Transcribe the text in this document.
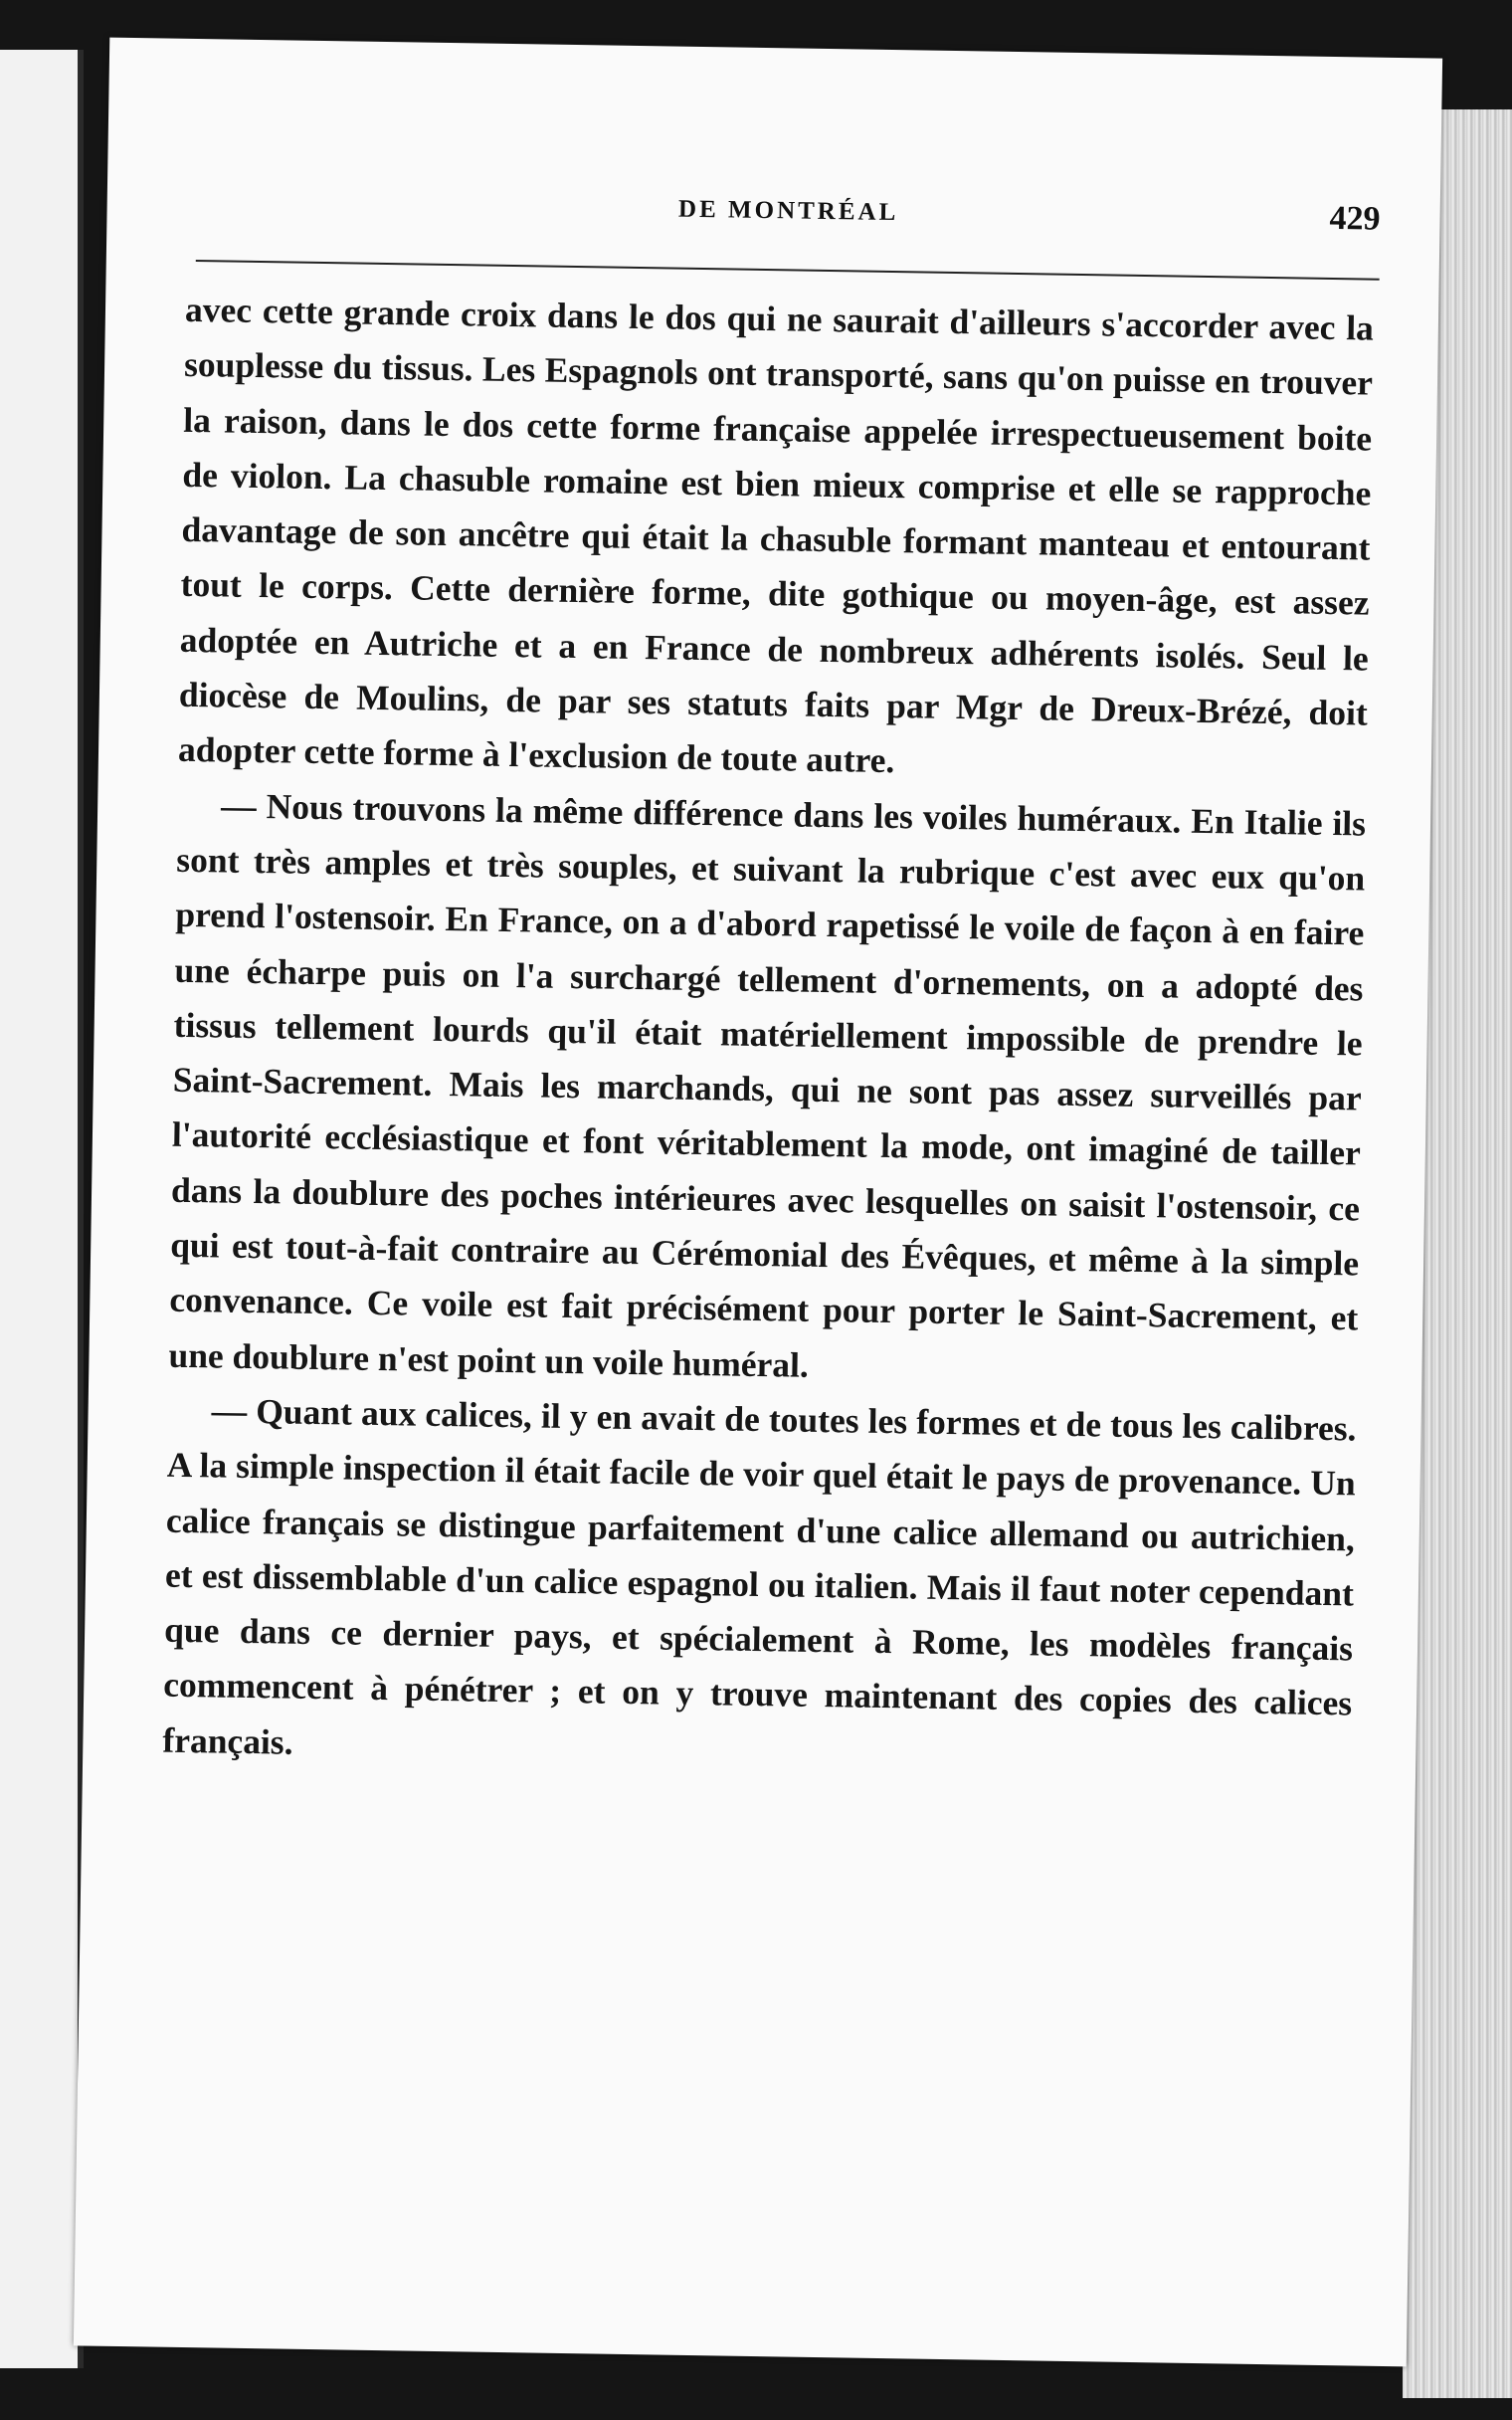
DE MONTRÉAL	429

avec cette grande croix dans le dos qui ne saurait d'ailleurs s'accorder avec la souplesse du tissus. Les Espagnols ont transporté, sans qu'on puisse en trouver la raison, dans le dos cette forme française appelée irrespectueusement boite de violon. La chasuble romaine est bien mieux comprise et elle se rapproche davantage de son ancêtre qui était la chasuble formant manteau et entourant tout le corps. Cette dernière forme, dite gothique ou moyen-âge, est assez adoptée en Autriche et a en France de nombreux adhérents isolés. Seul le diocèse de Moulins, de par ses statuts faits par Mgr de Dreux-Brézé, doit adopter cette forme à l'exclusion de toute autre.

— Nous trouvons la même différence dans les voiles huméraux. En Italie ils sont très amples et très souples, et suivant la rubrique c'est avec eux qu'on prend l'ostensoir. En France, on a d'abord rapetissé le voile de façon à en faire une écharpe puis on l'a surchargé tellement d'ornements, on a adopté des tissus tellement lourds qu'il était matériellement impossible de prendre le Saint-Sacrement. Mais les marchands, qui ne sont pas assez surveillés par l'autorité ecclésiastique et font véritablement la mode, ont imaginé de tailler dans la doublure des poches intérieures avec lesquelles on saisit l'ostensoir, ce qui est tout-à-fait contraire au Cérémonial des Évêques, et même à la simple convenance. Ce voile est fait précisément pour porter le Saint-Sacrement, et une doublure n'est point un voile huméral.

— Quant aux calices, il y en avait de toutes les formes et de tous les calibres. A la simple inspection il était facile de voir quel était le pays de provenance. Un calice français se distingue parfaitement d'une calice allemand ou autrichien, et est dissemblable d'un calice espagnol ou italien. Mais il faut noter cependant que dans ce dernier pays, et spécialement à Rome, les modèles français commencent à pénétrer ; et on y trouve maintenant des copies des calices français.
